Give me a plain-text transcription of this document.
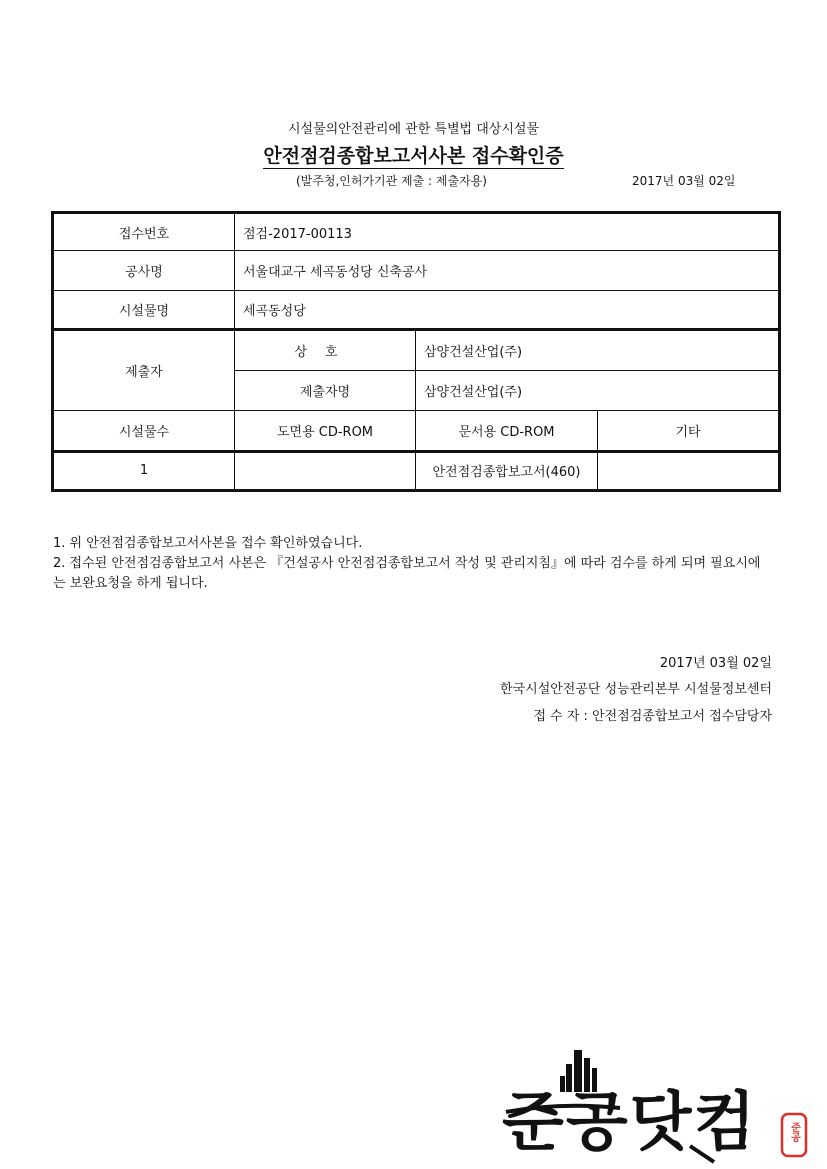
시설물의안전관리에 관한 특별법 대상시설물
안전점검종합보고서사본 접수확인증
(발주청,인허가기관 제출 : 제출자용)	2017년 03월 02일
접수번호	점검-2017-00113		
공사명	서울대교구 세곡동성당 신축공사		
시설물명	세곡동성당		
제출자	상호	삼양건설산업(주)	
	제출자명	삼양건설산업(주)	
시설물수	도면용 CD-ROM	문서용 CD-ROM	기타
1		안전점검종합보고서(460)	
1. 위 안전점검종합보고서사본을 접수 확인하였습니다.
2. 접수된 안전점검종합보고서 사본은 『건설공사 안전점검종합보고서 작성 및 관리지침』에 따라 검수를 하게 되며 필요시에는 보완요청을 하게 됩니다.
2017년 03월 02일
한국시설안전공단 성능관리본부 시설물정보센터
접 수 자 : 안전점검종합보고서 접수담당자
준공닷컴	준공
